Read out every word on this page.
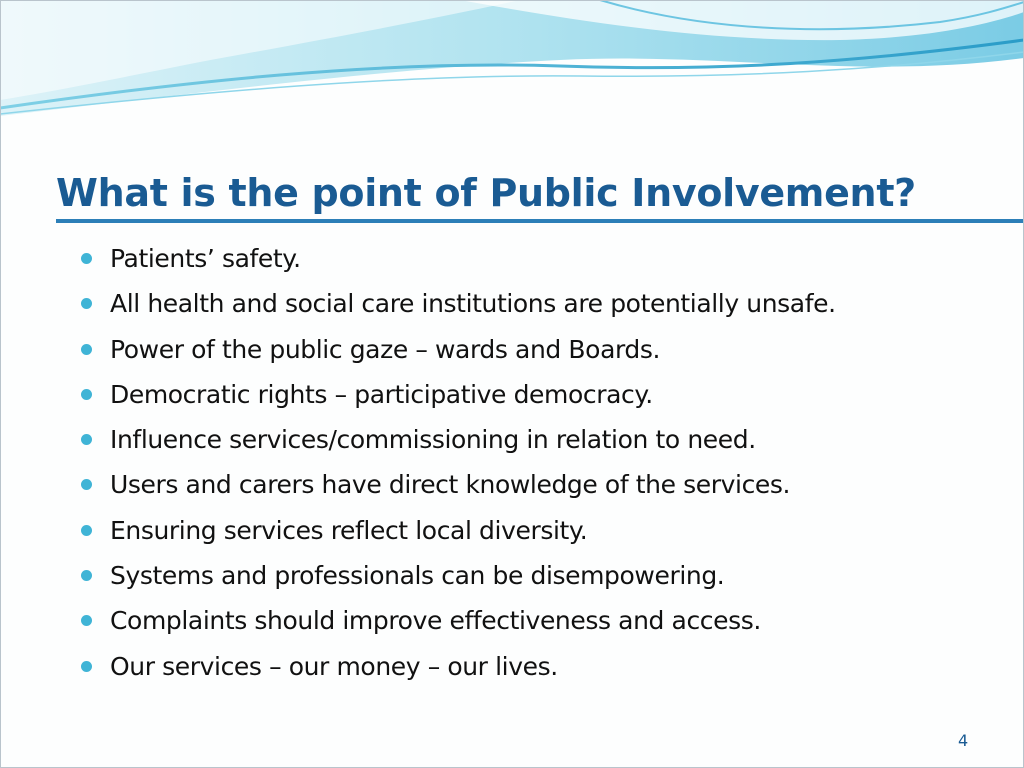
What is the point of Public Involvement?
Patients’ safety.
All health and social care institutions are potentially unsafe.
Power of the public gaze – wards and Boards.
Democratic rights – participative democracy.
Influence services/commissioning in relation to need.
Users and carers have direct knowledge of the services.
Ensuring services reflect local diversity.
Systems and professionals can be disempowering.
Complaints should improve effectiveness and access.
Our services – our money – our lives.
4
